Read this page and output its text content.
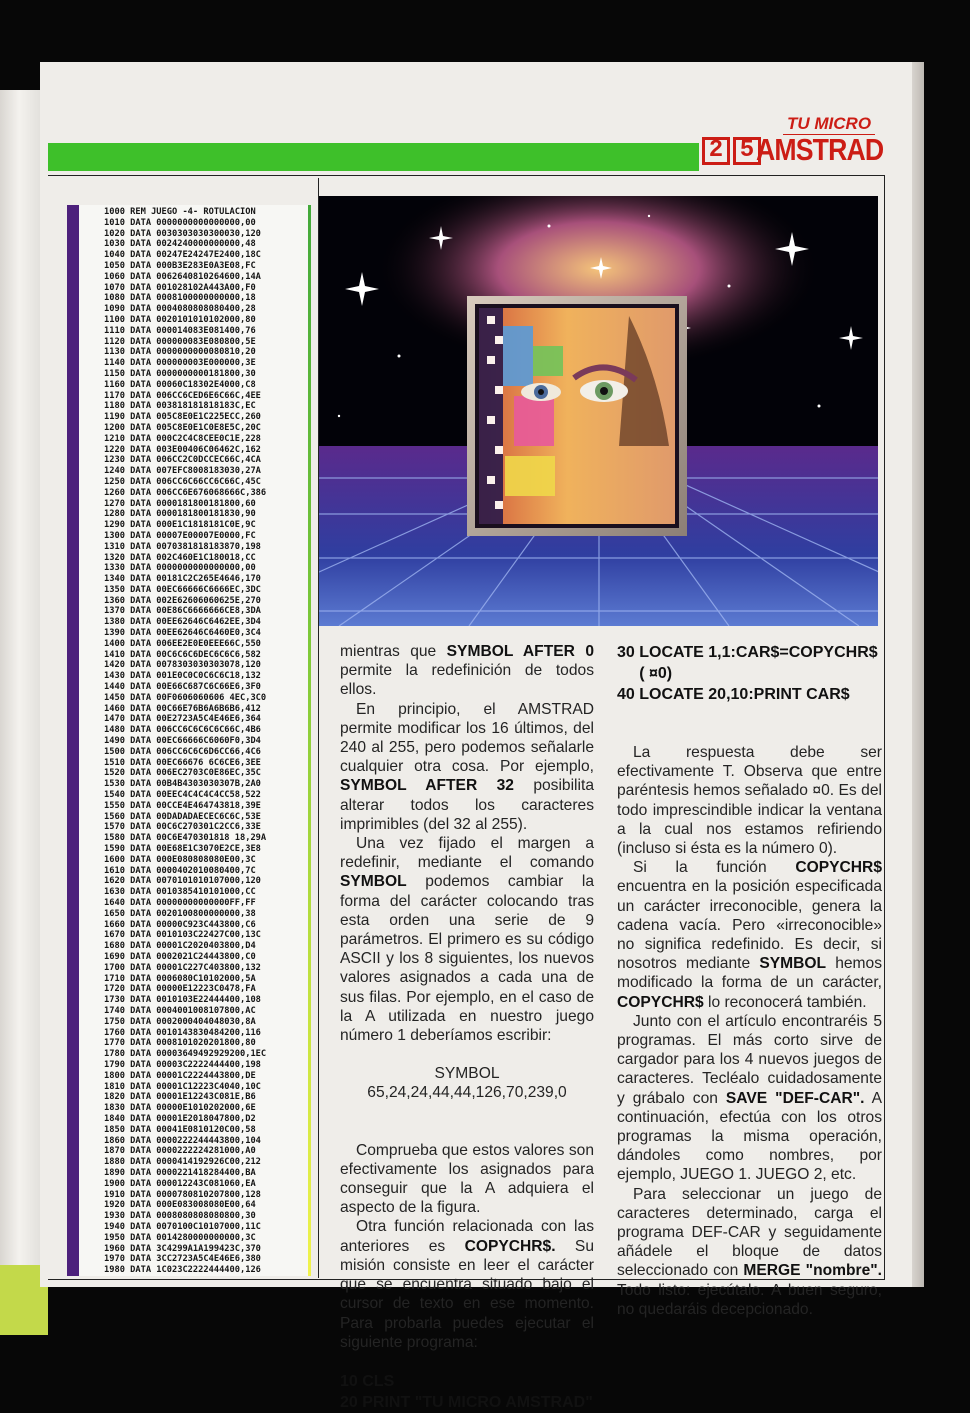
TU MICRO
2 5 AMSTRAD
1000 REM JUEGO -4- ROTULACION
1010 DATA 0000000000000000,00
1020 DATA 0030303030300030,120
1030 DATA 0024240000000000,48
1040 DATA 00247E24247E2400,18C
1050 DATA 000B3E283E0A3E08,FC
1060 DATA 0062640810264600,14A
1070 DATA 001028102A443A00,F0
1080 DATA 0008100000000000,18
1090 DATA 0004080808080400,28
1100 DATA 0020101010102000,80
1110 DATA 000014083E081400,76
1120 DATA 000000083E080800,5E
1130 DATA 0000000000080810,20
1140 DATA 000000003E000000,3E
1150 DATA 0000000000181800,30
1160 DATA 00060C18302E4000,C8
1170 DATA 006CC6CED6E6C66C,4EE
1180 DATA 003818181818183C,EC
1190 DATA 005C8E0E1C225ECC,260
1200 DATA 005C8E0E1C0E8E5C,20C
1210 DATA 000C2C4C8CEE0C1E,228
1220 DATA 003E00406C06462C,162
1230 DATA 006CC2C0DCCEC66C,4CA
1240 DATA 007EFC8008183030,27A
1250 DATA 006CC6C66CC6C66C,45C
1260 DATA 006CC6E676068666C,386
1270 DATA 0000181800181800,60
1280 DATA 0000181800181830,90
1290 DATA 000E1C1818181C0E,9C
1300 DATA 00007E00007E0000,FC
1310 DATA 0070381818183870,198
1320 DATA 002C460E1C180018,CC
1330 DATA 0000000000000000,00
1340 DATA 00181C2C265E4646,170
1350 DATA 00EC66666C6666EC,3DC
1360 DATA 002E62606060625E,270
1370 DATA 00E86C6666666CE8,3DA
1380 DATA 00EE62646C6462EE,3D4
1390 DATA 00EE62646C6460E0,3C4
1400 DATA 006EE2E0E0EEE66C,550
1410 DATA 00C6C6C6DEC6C6C6,582
1420 DATA 0078303030303078,120
1430 DATA 001E0C0C0C6C6C18,132
1440 DATA 00E66C687C6C66E6,3F0
1450 DATA 00F0606060606 4EC,3C0
1460 DATA 00C66E76B6A6B6B6,412
1470 DATA 00E2723A5C4E46E6,364
1480 DATA 006CC6C6C6C6C66C,4B6
1490 DATA 00EC66666C6060F0,3D4
1500 DATA 006CC6C6C6D6CC66,4C6
1510 DATA 00EC66676 6C6CE6,3EE
1520 DATA 006EC2703C0E86EC,35C
1530 DATA 00B4B4303030307B,2A0
1540 DATA 00EEC4C4C4C4CC58,522
1550 DATA 00CCE4E464743818,39E
1560 DATA 00DADADAECEC6C6C,53E
1570 DATA 00C6C270301C2CC6,33E
1580 DATA 00C6E470301818 18,29A
1590 DATA 00E68E1C3070E2CE,3E8
1600 DATA 000E080808080E00,3C
1610 DATA 0000402010080400,7C
1620 DATA 0070101010107000,120
1630 DATA 0010385410101000,CC
1640 DATA 00000000000000FF,FF
1650 DATA 0020100800000000,38
1660 DATA 00000C923C443800,C6
1670 DATA 0010103C22427C00,13C
1680 DATA 00001C2020403800,D4
1690 DATA 0002021C24443800,C0
1700 DATA 00001C227C403800,132
1710 DATA 0006080C10102000,5A
1720 DATA 00000E12223C0478,FA
1730 DATA 0010103E22444400,108
1740 DATA 0004001008107800,AC
1750 DATA 0002000404048030,8A
1760 DATA 0010143830484200,116
1770 DATA 0008101020201800,80
1780 DATA 00003649492929200,1EC
1790 DATA 00003C2222444400,198
1800 DATA 00001C2224443800,DE
1810 DATA 00001C12223C4040,10C
1820 DATA 00001E12243C081E,B6
1830 DATA 00000E1010202000,6E
1840 DATA 00001E2018047800,D2
1850 DATA 00041E0810120C00,58
1860 DATA 0000222244443800,104
1870 DATA 0000222224281000,A0
1880 DATA 0000414192926C00,212
1890 DATA 0000221418284400,BA
1900 DATA 000012243C081060,EA
1910 DATA 0000780810207800,128
1920 DATA 000E083008080E00,64
1930 DATA 0008080808080800,30
1940 DATA 0070100C10107000,11C
1950 DATA 0014280000000000,3C
1960 DATA 3C4299A1A199423C,370
1970 DATA 3CC2723A5C4E46E6,380
1980 DATA 1C023C2222444400,126

mientras que SYMBOL AFTER 0 permite la redefinición de todos ellos.

En principio, el AMSTRAD permite modificar los 16 últimos, del 240 al 255, pero podemos señalarle cualquier otra cosa. Por ejemplo, SYMBOL AFTER 32 posibilita alterar todos los caracteres imprimibles (del 32 al 255).

Una vez fijado el margen a redefinir, mediante el comando SYMBOL podemos cambiar la forma del carácter colocando tras esta orden una serie de 9 parámetros. El primero es su código ASCII y los 8 siguientes, los nuevos valores asignados a cada una de sus filas. Por ejemplo, en el caso de la A utilizada en nuestro juego número 1 deberíamos escribir:

SYMBOL 65,24,24,44,44,126,70,239,0

Comprueba que estos valores son efectivamente los asignados para conseguir que la A adquiera el aspecto de la figura.

Otra función relacionada con las anteriores es COPYCHR$. Su misión consiste en leer el carácter que se encuentra situado bajo el cursor de texto en ese momento. Para probarla puedes ejecutar el siguiente programa:

10 CLS

20 PRINT "TU MICRO AMSTRAD"

30 LOCATE 1,1:CAR$=COPYCHR$

( ¤0)

40 LOCATE 20,10:PRINT CAR$

La respuesta debe ser efectivamente T. Observa que entre paréntesis hemos señalado ¤0. Es del todo imprescindible indicar la ventana a la cual nos estamos refiriendo (incluso si ésta es la número 0).

Si la función COPYCHR$ encuentra en la posición especificada un carácter irreconocible, genera la cadena vacía. Pero «irreconocible» no significa redefinido. Es decir, si nosotros mediante SYMBOL hemos modificado la forma de un carácter, COPYCHR$ lo reconocerá también.

Junto con el artículo encontraréis 5 programas. El más corto sirve de cargador para los 4 nuevos juegos de caracteres. Tecléalo cuidadosamente y grábalo con SAVE "DEF-CAR". A continuación, efectúa con los otros programas la misma operación, dándoles como nombres, por ejemplo, JUEGO 1. JUEGO 2, etc.

Para seleccionar un juego de caracteres determinado, carga el programa DEF-CAR y seguidamente añádele el bloque de datos seleccionado con MERGE "nombre". Todo listo: ejecútalo. A buen seguro, no quedaráis decepcionado.
